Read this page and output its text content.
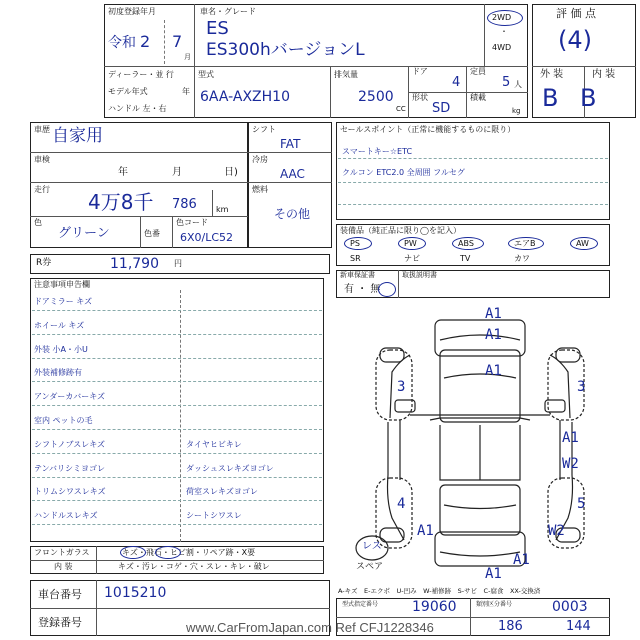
初度登録年月
令和 2 7
月
車名・グレード
ES
ES300hバージョンL
2WD
・
4WD
ディーラー・並 行
モデル年式	年
ハンドル 左・右
型式
6AA-AXZH10
排気量
2500
CC
ドア
4
定員
5 人
形状
SD
積載
kg
評 価 点
(4)
外 装	内 装
B B
車歴 自家用
車検
年	月	日)
走行
4万8千 786 km
色
グリーン	色番
色コード
6X0/LC52
シフト
FAT
冷房
AAC
燃料
その他
セールスポイント（正常に機能するものに限り）
スマートキー☆ETC
クルコン ETC2.0 全周囲 フルセグ
装備品（純正品に限り◯を記入）
PS	PW	ABS	エアB	AW
SR	ナビ	TV	カワ
新車保証書	取扱説明書
有 ・ 無
R券	11,790 円
注意事項申告欄
ドアミラー キズ
ホイール キズ
外装 小A・小U
外装補修跡有
アンダーカバーキズ
室内 ペットの毛
シフトノブスレキズ	タイヤヒビキレ
テンバリシミヨゴレ	ダッシュスレキズヨゴレ
トリムシワスレキズ	荷室スレキズヨゴレ
ハンドルスレキズ	シートシワスレ
フロントガラス	キズ・飛石・ヒビ割・リペア跡・X要
内 装	キズ・汚レ・コゲ・穴・スレ・キレ・破レ
車台番号 1015210
登録番号
A1
A1
A1
3	3
A1
W2
4	5
A1	W2
A1
A1
レス
スペア
A-キズ　E-エクボ　U-凹み　W-補修跡　S-サビ　C-腐食　XX-交換済
型式指定番号 19060	類別区分番号	0003
186	144
www.CarFromJapan.com Ref CFJ1228346
